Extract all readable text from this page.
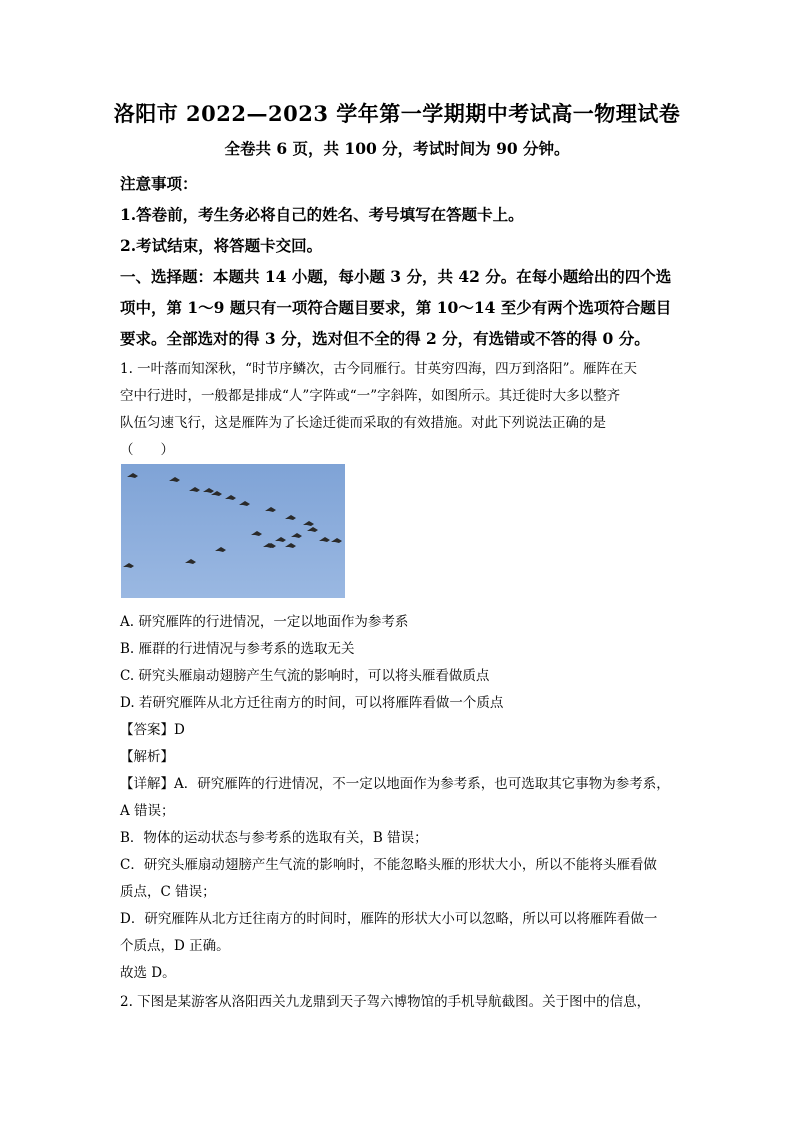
洛阳市 2022—2023 学年第一学期期中考试高一物理试卷
全卷共 6 页，共 100 分，考试时间为 90 分钟。
注意事项：
1.答卷前，考生务必将自己的姓名、考号填写在答题卡上。
2.考试结束，将答题卡交回。
一、选择题：本题共 14 小题，每小题 3 分，共 42 分。在每小题给出的四个选
项中，第 1～9 题只有一项符合题目要求，第 10～14 至少有两个选项符合题目
要求。全部选对的得 3 分，选对但不全的得 2 分，有选错或不答的得 0 分。
1. 一叶落而知深秋，“时节序鳞次，古今同雁行。甘英穷四海，四万到洛阳”。雁阵在天
空中行进时，一般都是排成“人”字阵或“一”字斜阵，如图所示。其迁徙时大多以整齐
队伍匀速飞行，这是雁阵为了长途迁徙而采取的有效措施。对此下列说法正确的是
（　　）
A. 研究雁阵的行进情况，一定以地面作为参考系
B. 雁群的行进情况与参考系的选取无关
C. 研究头雁扇动翅膀产生气流的影响时，可以将头雁看做质点
D. 若研究雁阵从北方迁往南方的时间，可以将雁阵看做一个质点
【答案】D
【解析】
【详解】A．研究雁阵的行进情况，不一定以地面作为参考系，也可选取其它事物为参考系，
A 错误；
B．物体的运动状态与参考系的选取有关，B 错误；
C．研究头雁扇动翅膀产生气流的影响时，不能忽略头雁的形状大小，所以不能将头雁看做
质点，C 错误；
D．研究雁阵从北方迁往南方的时间时，雁阵的形状大小可以忽略，所以可以将雁阵看做一
个质点，D 正确。
故选 D。
2. 下图是某游客从洛阳西关九龙鼎到天子驾六博物馆的手机导航截图。关于图中的信息，
